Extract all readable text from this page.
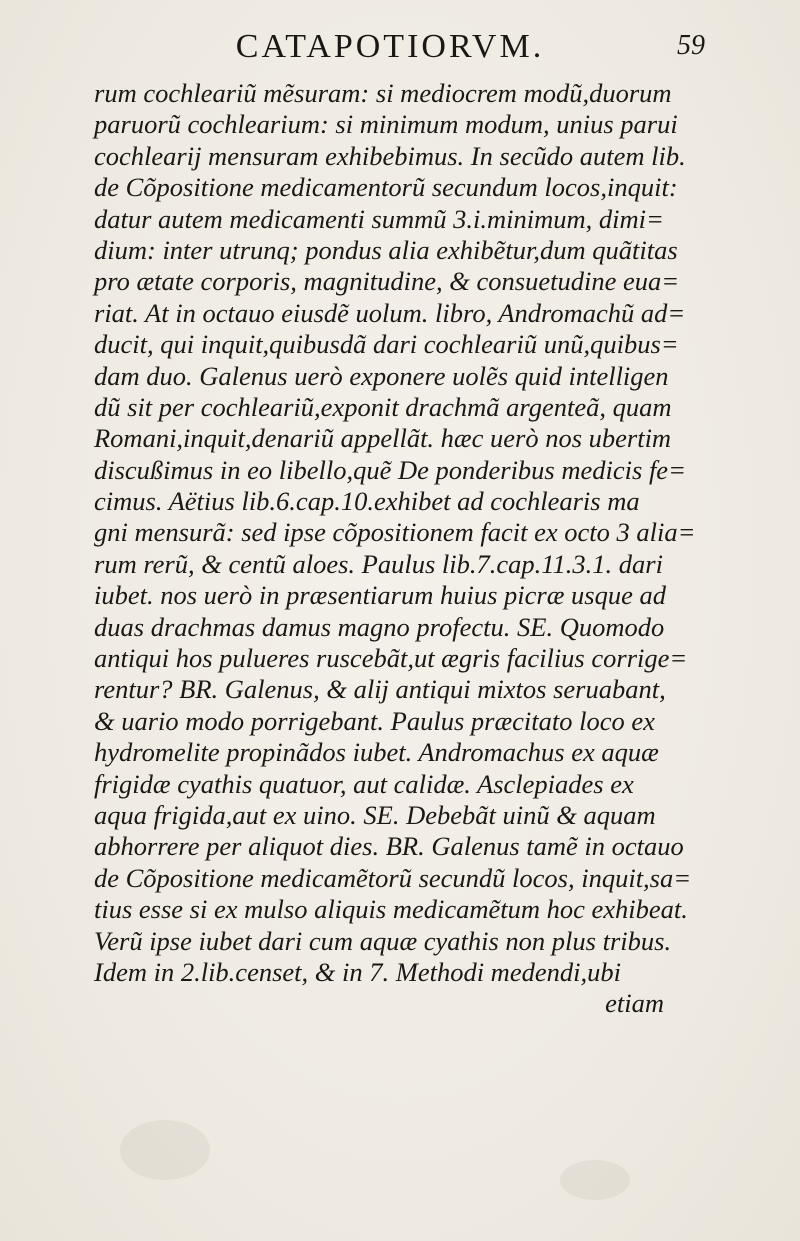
CATAPOTIORVM.	59
rum cochleariũ mẽsuram: si mediocrem modũ,duorum
paruorũ cochlearium: si minimum modum, unius parui
cochlearij mensuram exhibebimus. In secũdo autem lib.
de Cõpositione medicamentorũ secundum locos,inquit:
datur autem medicamenti summũ 3.i.minimum, dimi=
dium: inter utrunq; pondus alia exhibẽtur,dum quãtitas
pro ætate corporis, magnitudine, & consuetudine eua=
riat. At in octauo eiusdẽ uolum. libro, Andromachũ ad=
ducit, qui inquit,quibusdã dari cochleariũ unũ,quibus=
dam duo. Galenus uerò exponere uolẽs quid intelligen
dũ sit per cochleariũ,exponit drachmã argenteã, quam
Romani,inquit,denariũ appellãt. hæc uerò nos ubertim
discußimus in eo libello,quẽ De ponderibus medicis fe=
cimus. Aëtius lib.6.cap.10.exhibet ad cochlearis ma
gni mensurã: sed ipse cõpositionem facit ex octo 3 alia=
rum rerũ, & centũ aloes. Paulus lib.7.cap.11.3.1. dari
iubet. nos uerò in præsentiarum huius picræ usque ad
duas drachmas damus magno profectu. SE. Quomodo
antiqui hos pulueres ruscebãt,ut ægris facilius corrige=
rentur? BR. Galenus, & alij antiqui mixtos seruabant,
& uario modo porrigebant. Paulus præcitato loco ex
hydromelite propinãdos iubet. Andromachus ex aquæ
frigidæ cyathis quatuor, aut calidæ. Asclepiades ex
aqua frigida,aut ex uino. SE. Debebãt uinũ & aquam
abhorrere per aliquot dies. BR. Galenus tamẽ in octauo
de Cõpositione medicamẽtorũ secundũ locos, inquit,sa=
tius esse si ex mulso aliquis medicamẽtum hoc exhibeat.
Verũ ipse iubet dari cum aquæ cyathis non plus tribus.
Idem in 2.lib.censet, & in 7. Methodi medendi,ubi
etiam
